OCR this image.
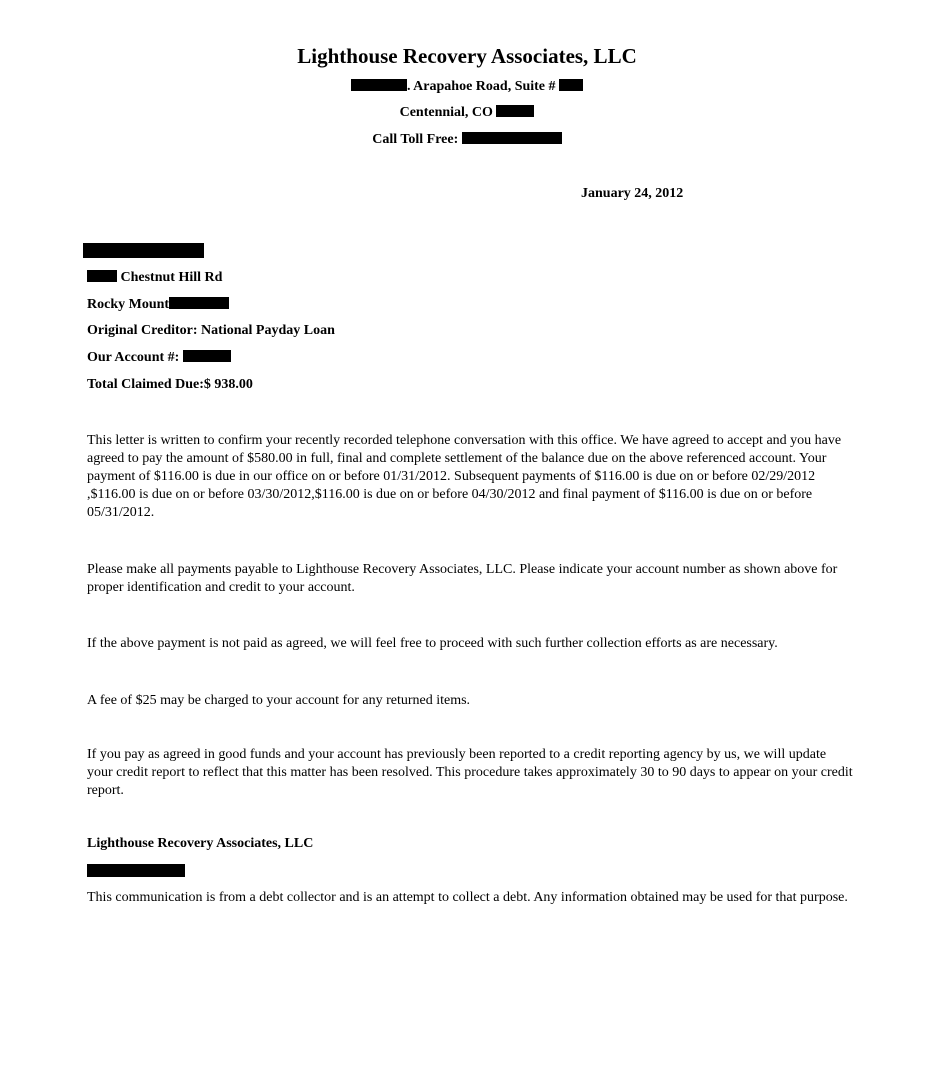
Lighthouse Recovery Associates, LLC
. Arapahoe Road, Suite #
Centennial, CO
Call Toll Free:
January 24, 2012
Chestnut Hill Rd
Rocky Mount
Original Creditor: National Payday Loan
Our Account #:
Total Claimed Due:$ 938.00

This letter is written to confirm your recently recorded telephone conversation with this office. We have agreed to accept and you have agreed to pay the amount of $580.00 in full, final and complete settlement of the balance due on the above referenced account. Your payment of $116.00 is due in our office on or before 01/31/2012. Subsequent payments of $116.00 is due on or before 02/29/2012 ,$116.00 is due on or before 03/30/2012,$116.00 is due on or before 04/30/2012 and final payment of $116.00 is due on or before 05/31/2012.

Please make all payments payable to Lighthouse Recovery Associates, LLC. Please indicate your account number as shown above for proper identification and credit to your account.

If the above payment is not paid as agreed, we will feel free to proceed with such further collection efforts as are necessary.

A fee of $25 may be charged to your account for any returned items.

If you pay as agreed in good funds and your account has previously been reported to a credit reporting agency by us, we will update your credit report to reflect that this matter has been resolved. This procedure takes approximately 30 to 90 days to appear on your credit report.

Lighthouse Recovery Associates, LLC

This communication is from a debt collector and is an attempt to collect a debt. Any information obtained may be used for that purpose.
